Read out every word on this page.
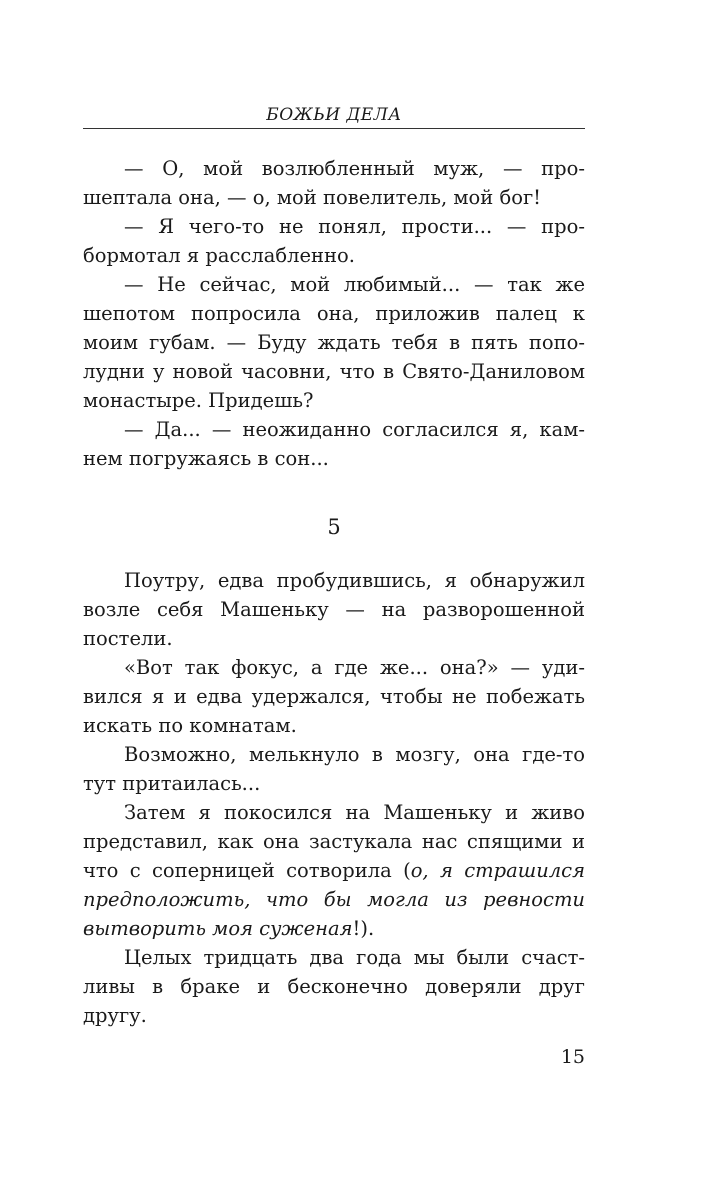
БОЖЬИ ДЕЛА

— О, мой возлюбленный муж, — прошептала она, — о, мой повелитель, мой бог!

— Я чего-то не понял, прости... — пробормотал я расслабленно.

— Не сейчас, мой любимый... — так же шепотом попросила она, приложив палец к моим губам. — Буду ждать тебя в пять пополудни у новой часовни, что в Свято-Даниловом монастыре. Придешь?

— Да... — неожиданно согласился я, камнем погружаясь в сон...

5

Поутру, едва пробудившись, я обнаружил возле себя Машеньку — на разворошенной постели.

«Вот так фокус, а где же... она?» — удивился я и едва удержался, чтобы не побежать искать по комнатам.

Возможно, мелькнуло в мозгу, она где-то тут притаилась...

Затем я покосился на Машеньку и живо представил, как она застукала нас спящими и что с соперницей сотворила (о, я страшился предположить, что бы могла из ревности вытворить моя суженая!).

Целых тридцать два года мы были счастливы в браке и бесконечно доверяли друг другу.

15
